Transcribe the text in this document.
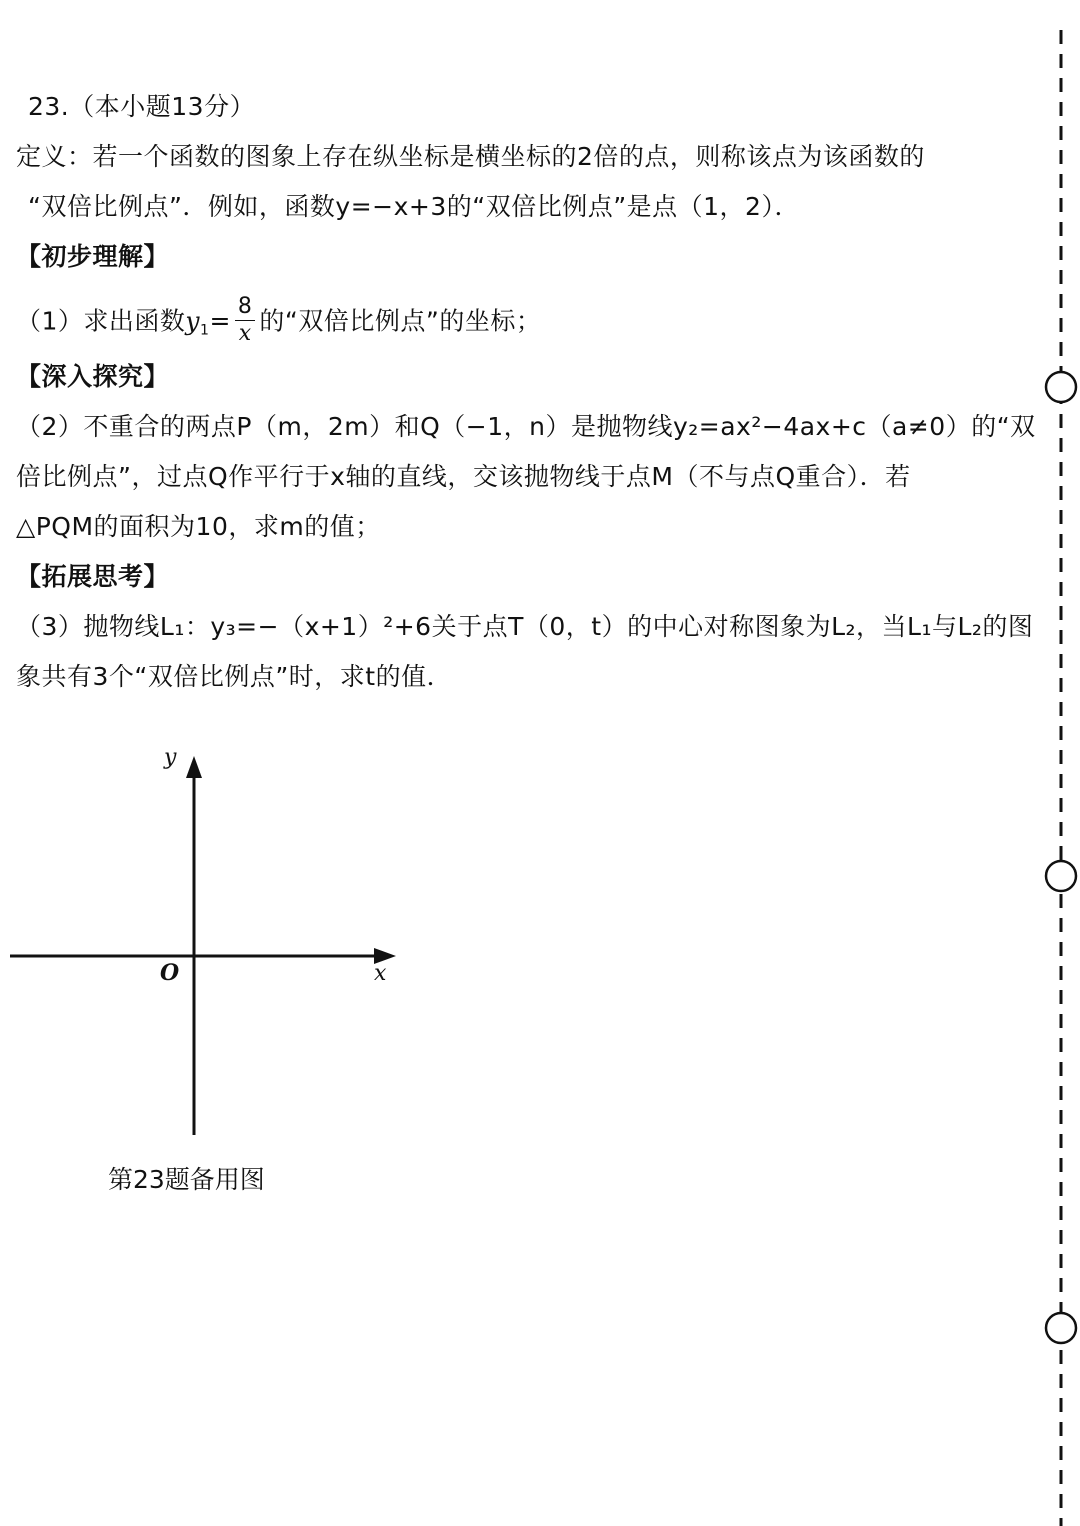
23.（本小题13分）
定义：若一个函数的图象上存在纵坐标是横坐标的2倍的点，则称该点为该函数的
“双倍比例点”．例如，函数y=−x+3的“双倍比例点”是点（1，2）．
【初步理解】
（1）求出函数$y_1= \frac{8}{x}$ 的“双倍比例点”的坐标；
【深入探究】
（2）不重合的两点P（m，2m）和Q（−1，n）是抛物线y₂=ax²−4ax+c（a≠0）的“双
倍比例点”，过点Q作平行于x轴的直线，交该抛物线于点M（不与点Q重合）．若
△PQM的面积为10，求m的值；
【拓展思考】
（3）抛物线L₁：y₃=−（x+1）²+6关于点T（0，t）的中心对称图象为L₂，当L₁与L₂的图
象共有3个“双倍比例点”时，求t的值．
y
x
O
第23题备用图
